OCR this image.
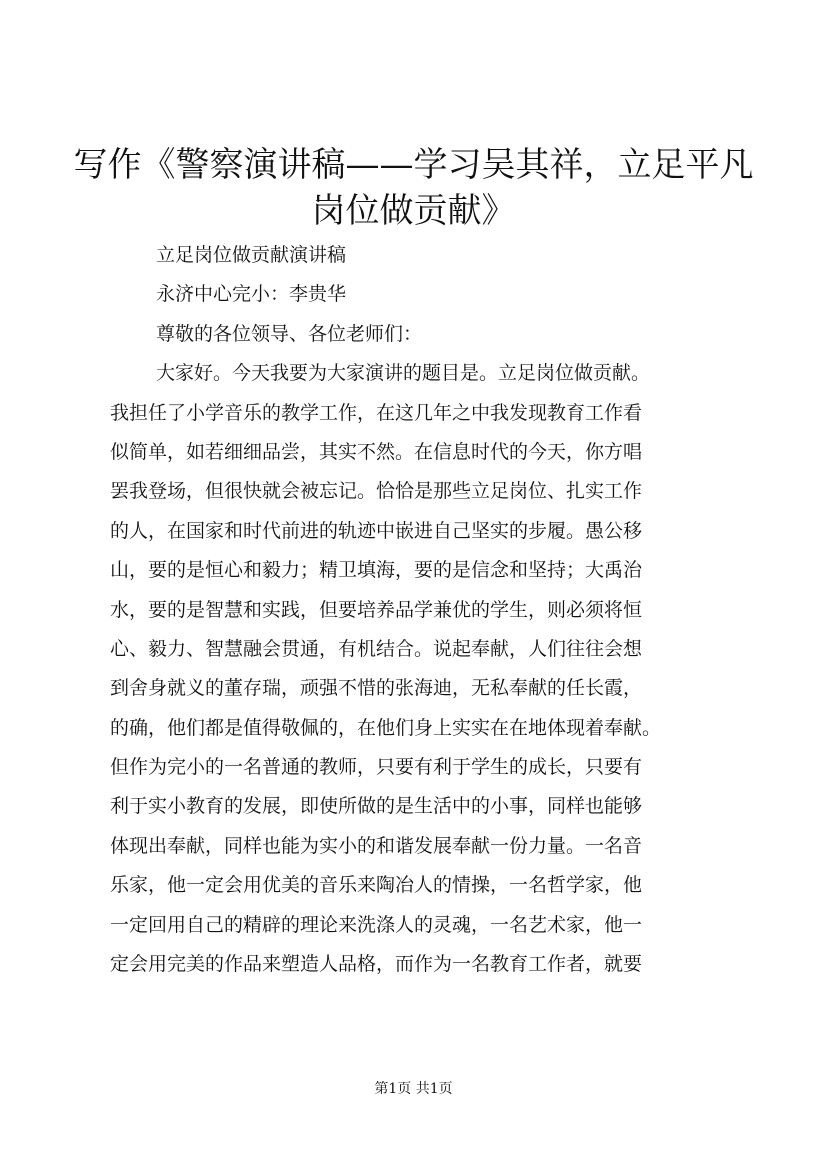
写作《警察演讲稿——学习吴其祥，立足平凡
岗位做贡献》
立足岗位做贡献演讲稿
永济中心完小：李贵华
尊敬的各位领导、各位老师们：
大家好。今天我要为大家演讲的题目是。立足岗位做贡献。
我担任了小学音乐的教学工作，在这几年之中我发现教育工作看
似简单，如若细细品尝，其实不然。在信息时代的今天，你方唱
罢我登场，但很快就会被忘记。恰恰是那些立足岗位、扎实工作
的人，在国家和时代前进的轨迹中嵌进自己坚实的步履。愚公移
山，要的是恒心和毅力；精卫填海，要的是信念和坚持；大禹治
水，要的是智慧和实践，但要培养品学兼优的学生，则必须将恒
心、毅力、智慧融会贯通，有机结合。说起奉献，人们往往会想
到舍身就义的董存瑞，顽强不惜的张海迪，无私奉献的任长霞，
的确，他们都是值得敬佩的，在他们身上实实在在地体现着奉献。
但作为完小的一名普通的教师，只要有利于学生的成长，只要有
利于实小教育的发展，即使所做的是生活中的小事，同样也能够
体现出奉献，同样也能为实小的和谐发展奉献一份力量。一名音
乐家，他一定会用优美的音乐来陶冶人的情操，一名哲学家，他
一定回用自己的精辟的理论来洗涤人的灵魂，一名艺术家，他一
定会用完美的作品来塑造人品格，而作为一名教育工作者，就要
第1页 共1页
